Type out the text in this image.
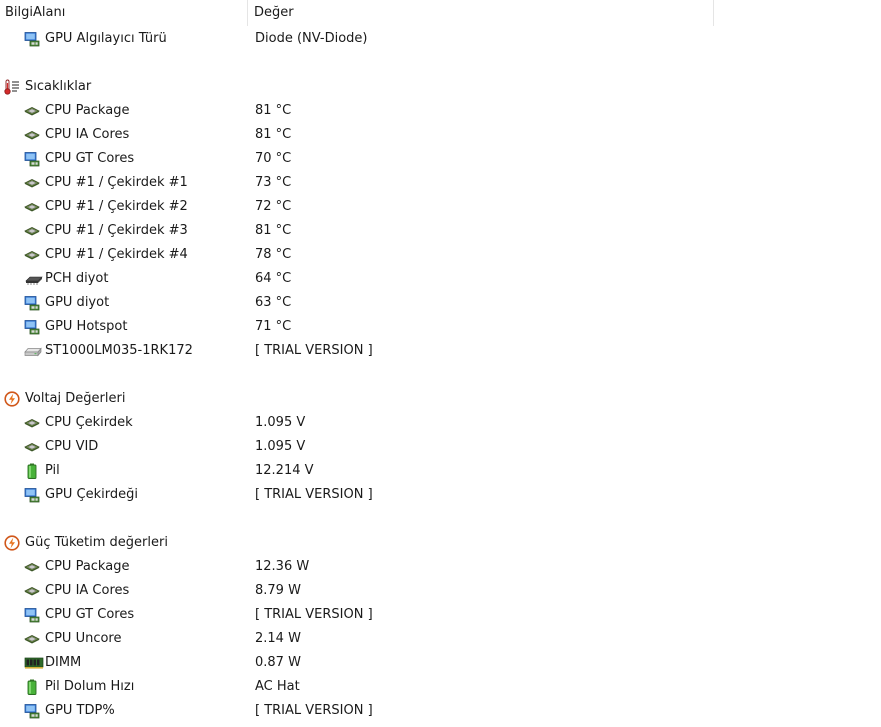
BilgiAlanı	Değer
GPU Algılayıcı Türü	Diode (NV-Diode)
Sıcaklıklar
CPU Package	81 °C
CPU IA Cores	81 °C
CPU GT Cores	70 °C
CPU #1 / Çekirdek #1	73 °C
CPU #1 / Çekirdek #2	72 °C
CPU #1 / Çekirdek #3	81 °C
CPU #1 / Çekirdek #4	78 °C
PCH diyot	64 °C
GPU diyot	63 °C
GPU Hotspot	71 °C
ST1000LM035-1RK172	[ TRIAL VERSION ]
Voltaj Değerleri
CPU Çekirdek	1.095 V
CPU VID	1.095 V
Pil	12.214 V
GPU Çekirdeği	[ TRIAL VERSION ]
Güç Tüketim değerleri
CPU Package	12.36 W
CPU IA Cores	8.79 W
CPU GT Cores	[ TRIAL VERSION ]
CPU Uncore	2.14 W
DIMM	0.87 W
Pil Dolum Hızı	AC Hat
GPU TDP%	[ TRIAL VERSION ]
